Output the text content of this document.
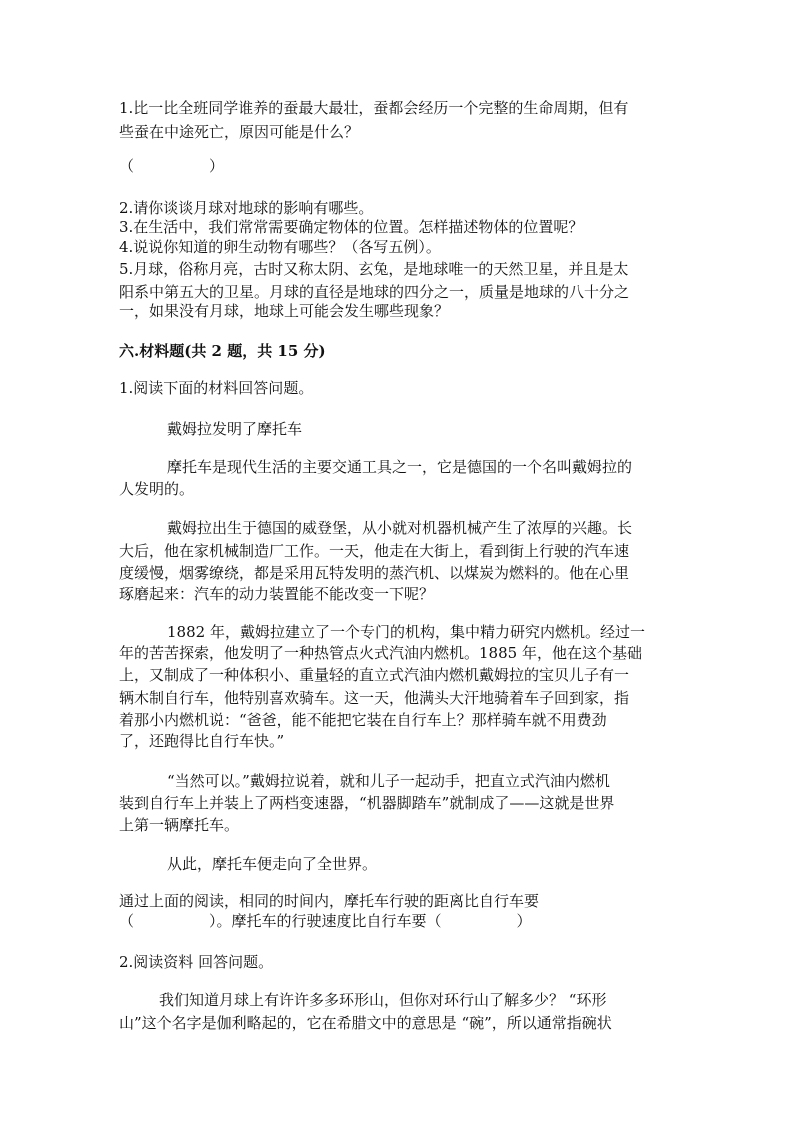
1.比一比全班同学谁养的蚕最大最壮，蚕都会经历一个完整的生命周期，但有
些蚕在中途死亡，原因可能是什么？
（　　　　　）
2.请你谈谈月球对地球的影响有哪些。
3.在生活中，我们常常需要确定物体的位置。怎样描述物体的位置呢？
4.说说你知道的卵生动物有哪些？（各写五例）。
5.月球，俗称月亮，古时又称太阴、玄兔，是地球唯一的天然卫星，并且是太
阳系中第五大的卫星。月球的直径是地球的四分之一，质量是地球的八十分之
一，如果没有月球，地球上可能会发生哪些现象？
六.材料题(共 2 题，共 15 分)
1.阅读下面的材料回答问题。
戴姆拉发明了摩托车
摩托车是现代生活的主要交通工具之一，它是德国的一个名叫戴姆拉的
人发明的。
戴姆拉出生于德国的威登堡，从小就对机器机械产生了浓厚的兴趣。长
大后，他在家机械制造厂工作。一天，他走在大街上，看到街上行驶的汽车速
度缓慢，烟雾缭绕，都是采用瓦特发明的蒸汽机、以煤炭为燃料的。他在心里
琢磨起来：汽车的动力装置能不能改变一下呢？
1882 年，戴姆拉建立了一个专门的机构，集中精力研究内燃机。经过一
年的苦苦探索，他发明了一种热管点火式汽油内燃机。1885 年，他在这个基础
上，又制成了一种体积小、重量轻的直立式汽油内燃机戴姆拉的宝贝儿子有一
辆木制自行车，他特别喜欢骑车。这一天，他满头大汗地骑着车子回到家，指
着那小内燃机说：“爸爸，能不能把它装在自行车上？那样骑车就不用费劲
了，还跑得比自行车快。”
“当然可以。”戴姆拉说着，就和儿子一起动手，把直立式汽油内燃机
装到自行车上并装上了两档变速器，“机器脚踏车”就制成了——这就是世界
上第一辆摩托车。
从此，摩托车便走向了全世界。
通过上面的阅读，相同的时间内，摩托车行驶的距离比自行车要
（　　　　　）。摩托车的行驶速度比自行车要（　　　　　）
2.阅读资料 回答问题。
我们知道月球上有许许多多环形山，但你对环行山了解多少？ “环形
山”这个名字是伽利略起的，它在希腊文中的意思是 “碗”，所以通常指碗状
